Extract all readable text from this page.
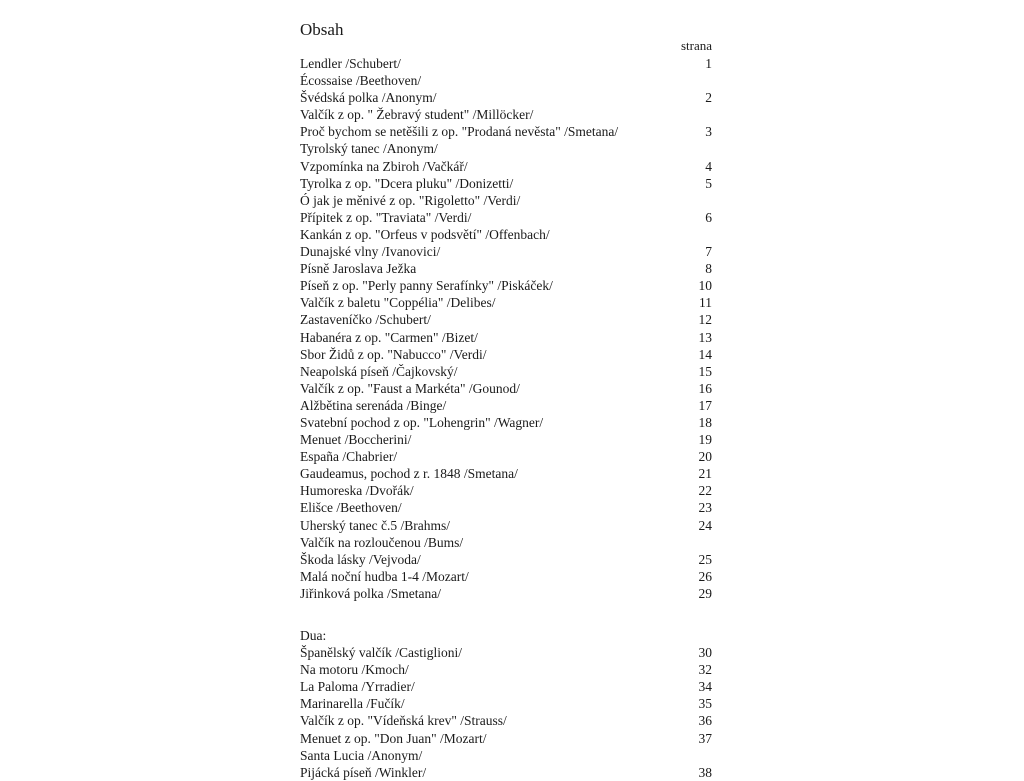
Obsah
strana
Lendler /Schubert/	1
Écossaise /Beethoven/
Švédská polka /Anonym/	2
Valčík z op. " Žebravý student" /Millöcker/
Proč bychom se netěšili z op. "Prodaná nevěsta" /Smetana/	3
Tyrolský tanec /Anonym/
Vzpomínka na Zbiroh /Vačkář/	4
Tyrolka z op. "Dcera pluku" /Donizetti/	5
Ó jak je měnivé z op. "Rigoletto" /Verdi/
Přípitek z op. "Traviata" /Verdi/	6
Kankán z op. "Orfeus v podsvětí" /Offenbach/
Dunajské vlny /Ivanovici/	7
Písně Jaroslava Ježka	8
Píseň z op. "Perly panny Serafínky" /Piskáček/	10
Valčík z baletu "Coppélia" /Delibes/	11
Zastaveníčko /Schubert/	12
Habanéra z op. "Carmen" /Bizet/	13
Sbor Židů z op. "Nabucco" /Verdi/	14
Neapolská píseň /Čajkovský/	15
Valčík z op. "Faust a Markéta" /Gounod/	16
Alžbětina serenáda /Binge/	17
Svatební pochod z op. "Lohengrin" /Wagner/	18
Menuet /Boccherini/	19
España /Chabrier/	20
Gaudeamus, pochod z r. 1848 /Smetana/	21
Humoreska /Dvořák/	22
Elišce /Beethoven/	23
Uherský tanec č.5 /Brahms/	24
Valčík na rozloučenou /Bums/
Škoda lásky /Vejvoda/	25
Malá noční hudba 1-4 /Mozart/	26
Jiřinková polka /Smetana/	29
Dua:
Španělský valčík /Castiglioni/	30
Na motoru /Kmoch/	32
La Paloma /Yrradier/	34
Marinarella /Fučík/	35
Valčík z op. "Vídeňská krev" /Strauss/	36
Menuet z op. "Don Juan" /Mozart/	37
Santa Lucia /Anonym/
Pijácká píseň /Winkler/	38
